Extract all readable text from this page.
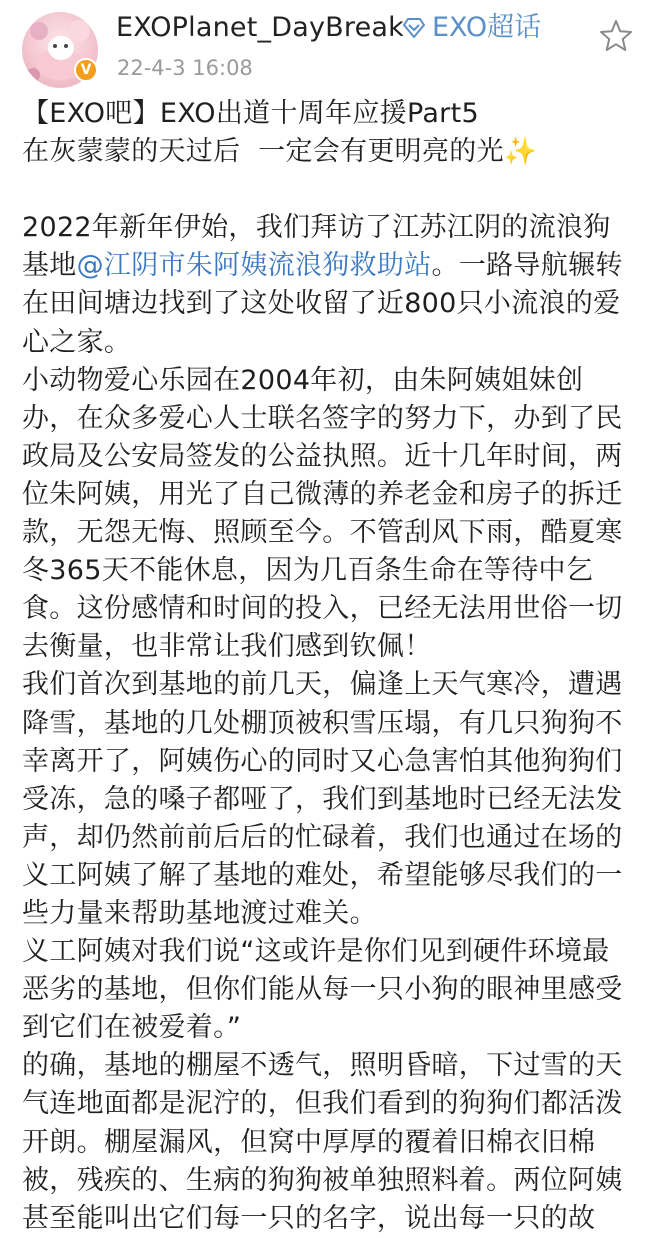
V
EXOPlanet_DayBreak EXO超话
22-4-3 16:08

【EXO吧】EXO出道十周年应援Part5

在灰蒙蒙的天过后  一定会有更明亮的光✨

2022年新年伊始，我们拜访了江苏江阴的流浪狗基地@江阴市朱阿姨流浪狗救助站。一路导航辗转在田间塘边找到了这处收留了近800只小流浪的爱心之家。

小动物爱心乐园在2004年初，由朱阿姨姐妹创办，在众多爱心人士联名签字的努力下，办到了民政局及公安局签发的公益执照。近十几年时间，两位朱阿姨，用光了自己微薄的养老金和房子的拆迁款，无怨无悔、照顾至今。不管刮风下雨，酷夏寒冬365天不能休息，因为几百条生命在等待中乞食。这份感情和时间的投入，已经无法用世俗一切去衡量，也非常让我们感到钦佩！

我们首次到基地的前几天，偏逢上天气寒冷，遭遇降雪，基地的几处棚顶被积雪压塌，有几只狗狗不幸离开了，阿姨伤心的同时又心急害怕其他狗狗们受冻，急的嗓子都哑了，我们到基地时已经无法发声，却仍然前前后后的忙碌着，我们也通过在场的义工阿姨了解了基地的难处，希望能够尽我们的一些力量来帮助基地渡过难关。

义工阿姨对我们说“这或许是你们见到硬件环境最恶劣的基地，但你们能从每一只小狗的眼神里感受到它们在被爱着。”

的确，基地的棚屋不透气，照明昏暗，下过雪的天气连地面都是泥泞的，但我们看到的狗狗们都活泼开朗。棚屋漏风，但窝中厚厚的覆着旧棉衣旧棉被，残疾的、生病的狗狗被单独照料着。两位阿姨甚至能叫出它们每一只的名字，说出每一只的故
